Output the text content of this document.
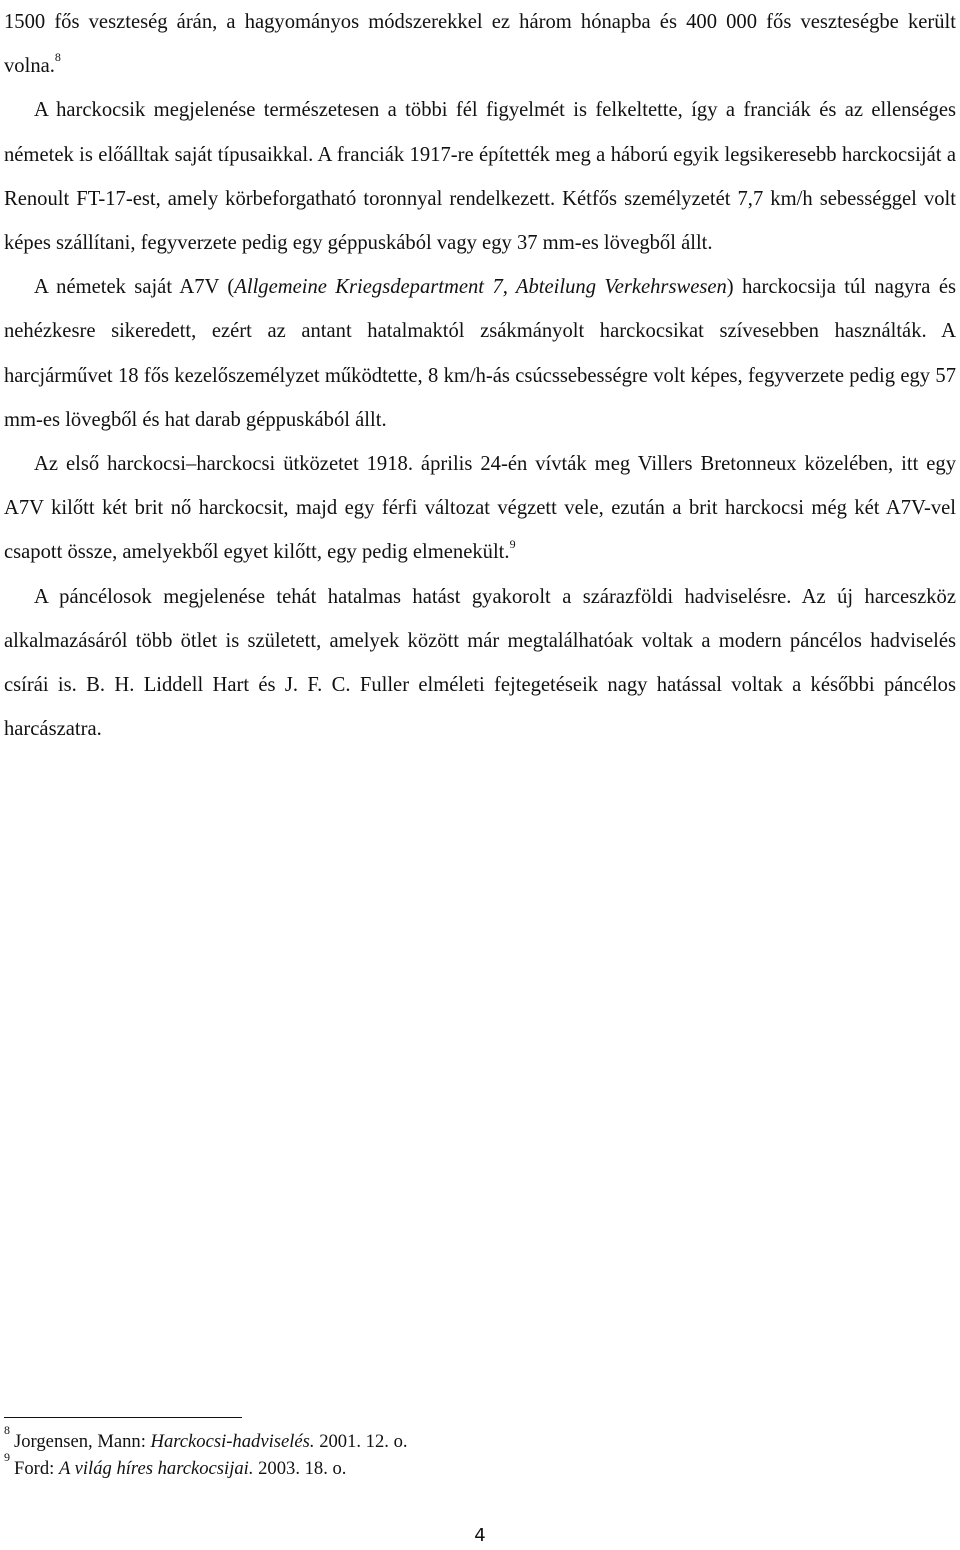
1500 fős veszteség árán, a hagyományos módszerekkel ez három hónapba és 400 000 fős veszteségbe került volna.$^8$

A harckocsik megjelenése természetesen a többi fél figyelmét is felkeltette, így a franciák és az ellenséges németek is előálltak saját típusaikkal. A franciák 1917-re építették meg a háború egyik legsikeresebb harckocsiját a Renoult FT-17-est, amely körbeforgatható toronnyal rendelkezett. Kétfős személyzetét 7,7 km/h sebességgel volt képes szállítani, fegyverzete pedig egy géppuskából vagy egy 37 mm-es lövegből állt.

A németek saját A7V (Allgemeine Kriegsdepartment 7, Abteilung Verkehrswesen) harckocsija túl nagyra és nehézkesre sikeredett, ezért az antant hatalmaktól zsákmányolt harckocsikat szívesebben használták. A harcjárművet 18 fős kezelőszemélyzet működtette, 8 km/h-ás csúcssebességre volt képes, fegyverzete pedig egy 57 mm-es lövegből és hat darab géppuskából állt.

Az első harckocsi–harckocsi ütközetet 1918. április 24-én vívták meg Villers Bretonneux közelében, itt egy A7V kilőtt két brit nő harckocsit, majd egy férfi változat végzett vele, ezután a brit harckocsi még két A7V-vel csapott össze, amelyekből egyet kilőtt, egy pedig elmenekült.$^9$

A páncélosok megjelenése tehát hatalmas hatást gyakorolt a szárazföldi hadviselésre. Az új harceszköz alkalmazásáról több ötlet is született, amelyek között már megtalálhatóak voltak a modern páncélos hadviselés csírái is. B. H. Liddell Hart és J. F. C. Fuller elméleti fejtegetéseik nagy hatással voltak a későbbi páncélos harcászatra.

$^8$Jorgensen, Mann: Harckocsi-hadviselés. 2001. 12. o.

$^9$Ford: A világ híres harckocsijai. 2003. 18. o.

4
